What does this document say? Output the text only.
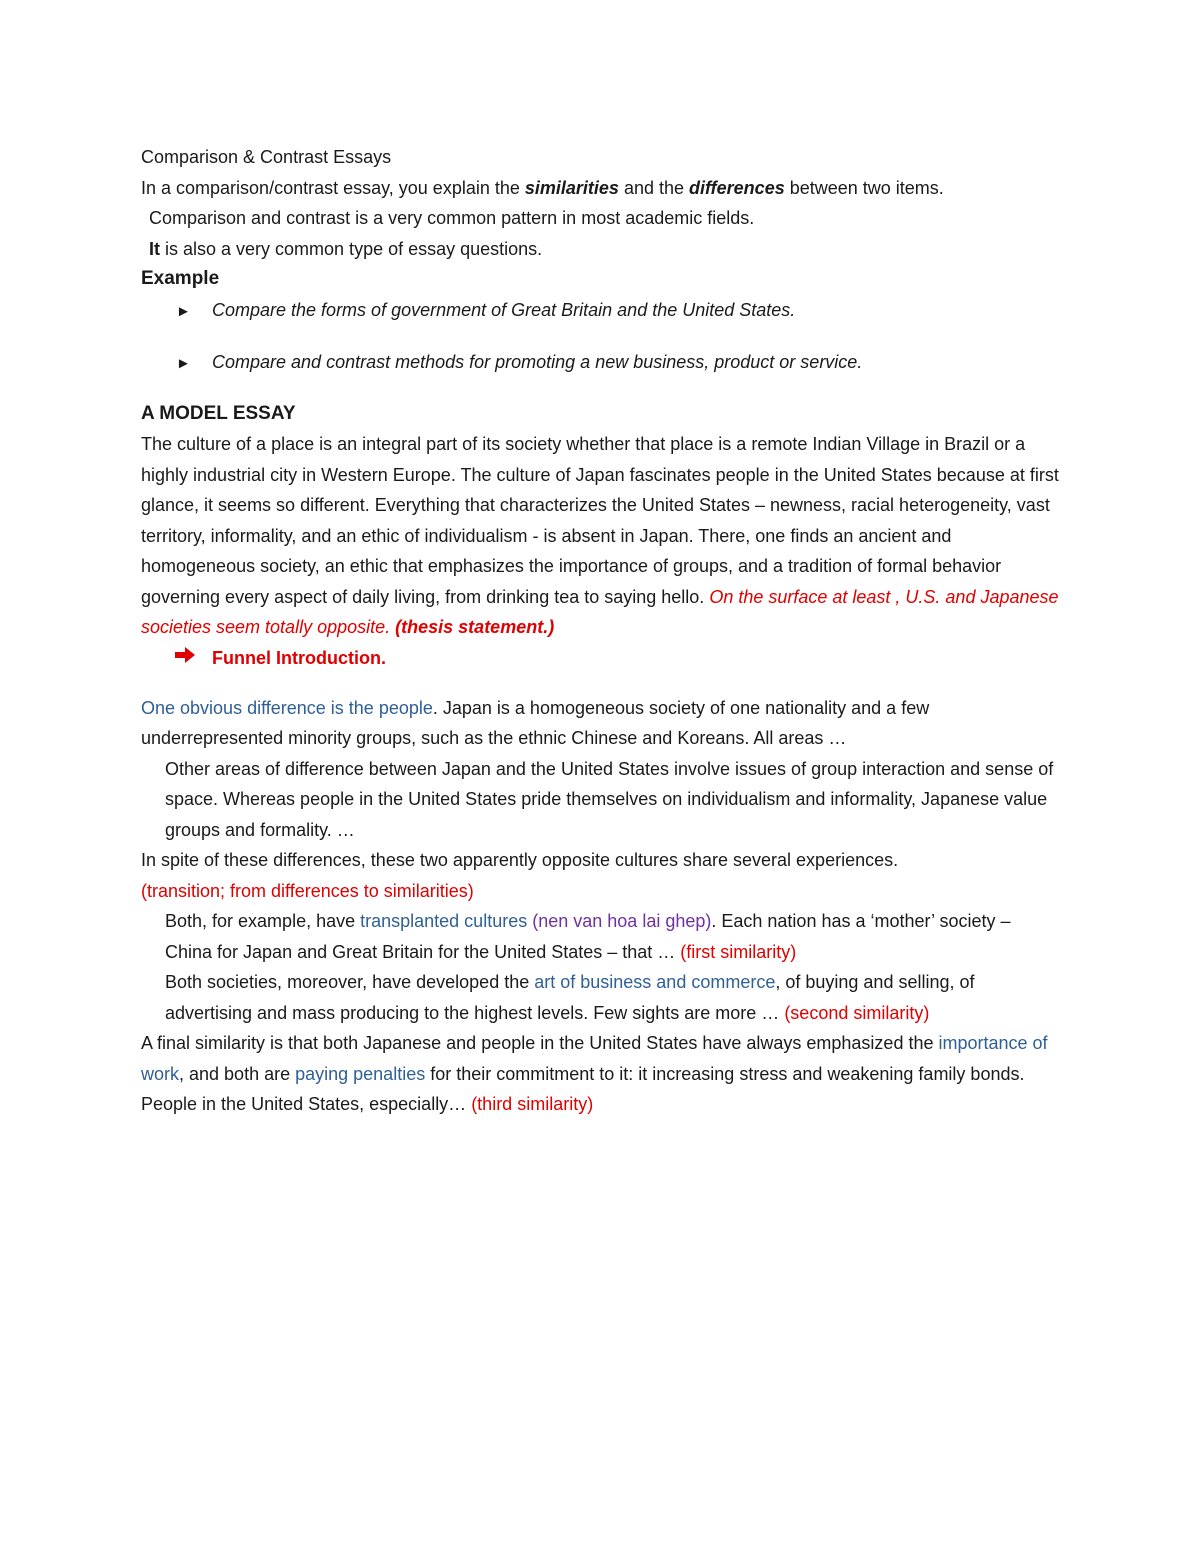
Comparison & Contrast Essays

In a comparison/contrast essay, you explain the similarities and the differences between two items.

Comparison and contrast is a very common pattern in most academic fields.

It is also a very common type of essay questions.

Example

►	Compare the forms of government of Great Britain and the United States.
►	Compare and contrast methods for promoting a new business, product or service.

A MODEL ESSAY

The culture of a place is an integral part of its society whether that place is a remote Indian Village in Brazil or a highly industrial city in Western Europe. The culture of Japan fascinates people in the United States because at first glance, it seems so different. Everything that characterizes the United States – newness, racial heterogeneity, vast territory, informality, and an ethic of individualism - is absent in Japan. There, one finds an ancient and homogeneous society, an ethic that emphasizes the importance of groups, and a tradition of formal behavior governing every aspect of daily living, from drinking tea to saying hello. On the surface at least , U.S. and Japanese societies seem totally opposite. (thesis statement.)

Funnel Introduction.

One obvious difference is the people. Japan is a homogeneous society of one nationality and a few underrepresented minority groups, such as the ethnic Chinese and Koreans. All areas …

Other areas of difference between Japan and the United States involve issues of group interaction and sense of space. Whereas people in the United States pride themselves on individualism and informality, Japanese value groups and formality. …

In spite of these differences, these two apparently opposite cultures share several experiences.
(transition; from differences to similarities)

Both, for example, have transplanted cultures (nen van hoa lai ghep). Each nation has a ‘mother’ society – China for Japan and Great Britain for the United States – that … (first similarity)

Both societies, moreover, have developed the art of business and commerce, of buying and selling, of advertising and mass producing to the highest levels. Few sights are more … (second similarity)

A final similarity is that both Japanese and people in the United States have always emphasized the importance of work, and both are paying penalties for their commitment to it: it increasing stress and weakening family bonds. People in the United States, especially… (third similarity)
